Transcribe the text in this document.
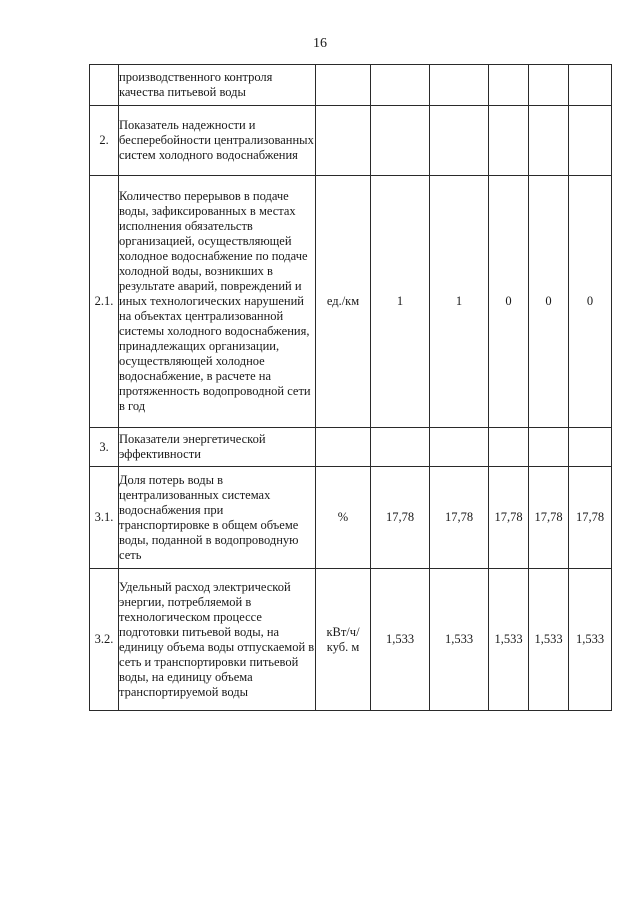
16
	производственного контроля качества питьевой воды						
2.	Показатель надежности и бесперебойности централизованных систем холодного водоснабжения						
2.1.	Количество перерывов в подаче воды, зафиксированных в местах исполнения обязательств организацией, осуществляющей холодное водоснабжение по подаче холодной воды, возникших в результате аварий, повреждений и иных технологических нарушений на объектах централизованной системы холодного водоснабжения, принадлежащих организации, осуществляющей холодное водоснабжение, в расчете на протяженность водопроводной сети в год	ед./км	1	1	0	0	0
3.	Показатели энергетической эффективности						
3.1.	Доля потерь воды в централизованных системах водоснабжения при транспортировке в общем объеме воды, поданной в водопроводную сеть	%	17,78	17,78	17,78	17,78	17,78
3.2.	Удельный расход электрической энергии, потребляемой в технологическом процессе подготовки питьевой воды, на единицу объема воды отпускаемой в сеть и транспортировки питьевой воды, на единицу объема транспортируемой воды	кВт/ч/куб. м	1,533	1,533	1,533	1,533	1,533
